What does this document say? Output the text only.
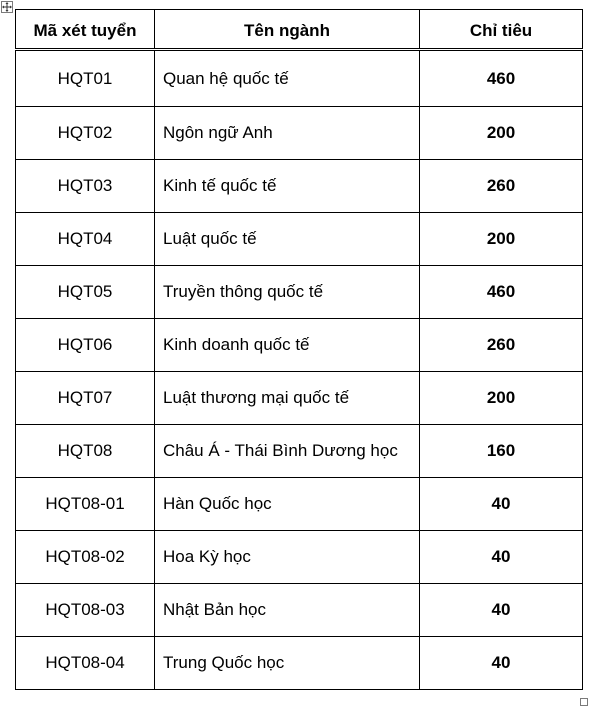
Mã xét tuyển	Tên ngành	Chỉ tiêu
HQT01	Quan hệ quốc tế	460
HQT02	Ngôn ngữ Anh	200
HQT03	Kinh tế quốc tế	260
HQT04	Luật quốc tế	200
HQT05	Truyền thông quốc tế	460
HQT06	Kinh doanh quốc tế	260
HQT07	Luật thương mại quốc tế	200
HQT08	Châu Á - Thái Bình Dương học	160
HQT08-01	Hàn Quốc học	40
HQT08-02	Hoa Kỳ học	40
HQT08-03	Nhật Bản học	40
HQT08-04	Trung Quốc học	40
